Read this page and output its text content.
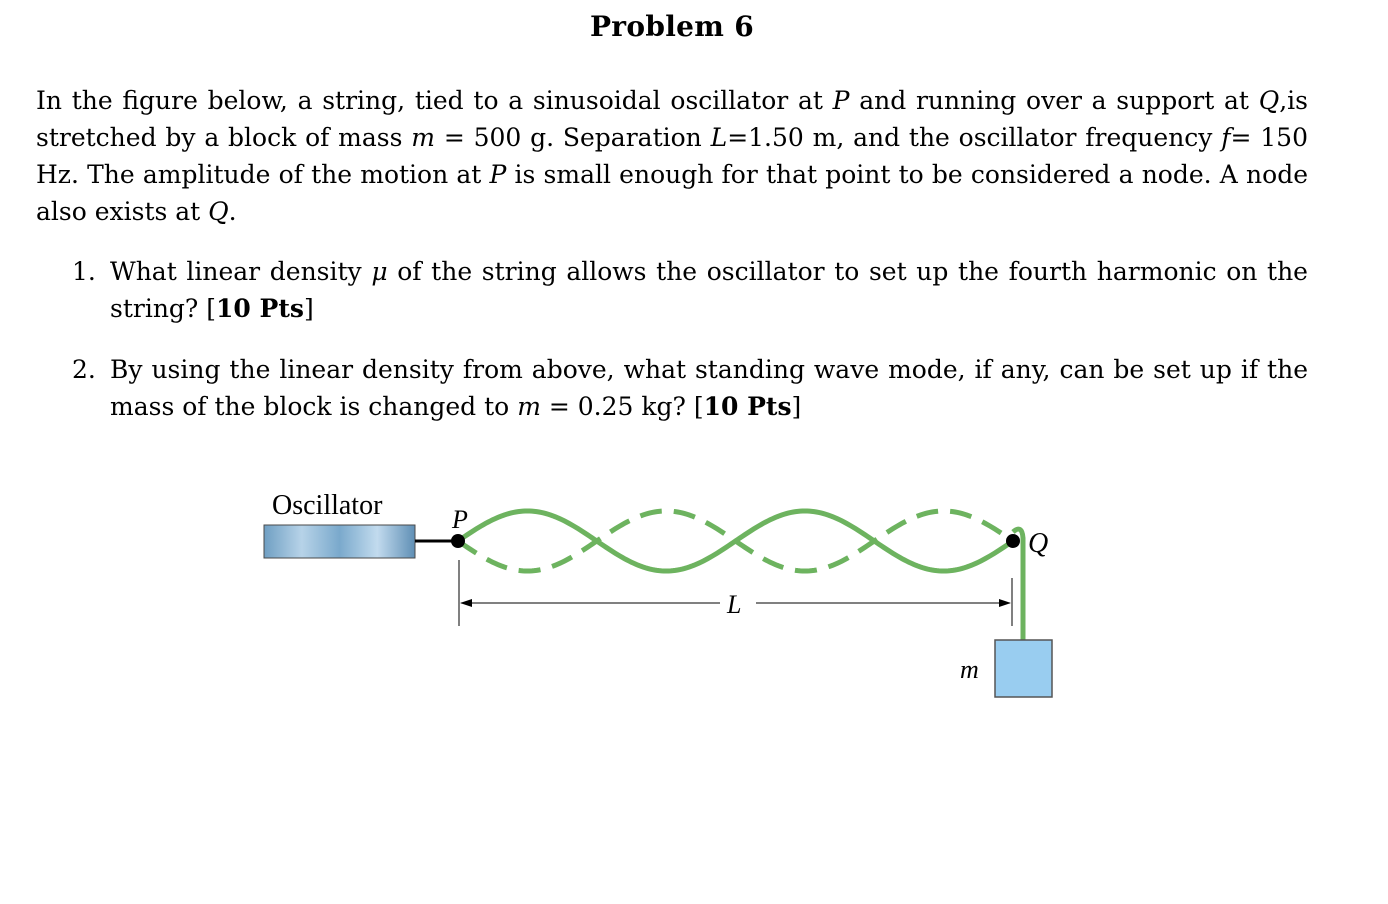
Problem 6
In the figure below, a string, tied to a sinusoidal oscillator at P and running over a support at Q,is stretched by a block of mass m = 500 g. Separation L=1.50 m, and the oscillator frequency f= 150 Hz. The amplitude of the motion at P is small enough for that point to be considered a node. A node also exists at Q.
1. What linear density μ of the string allows the oscillator to set up the fourth harmonic on the string? [10 Pts]
2. By using the linear density from above, what standing wave mode, if any, can be set up if the mass of the block is changed to m = 0.25 kg? [10 Pts]
Oscillator	P
Q
L
m
